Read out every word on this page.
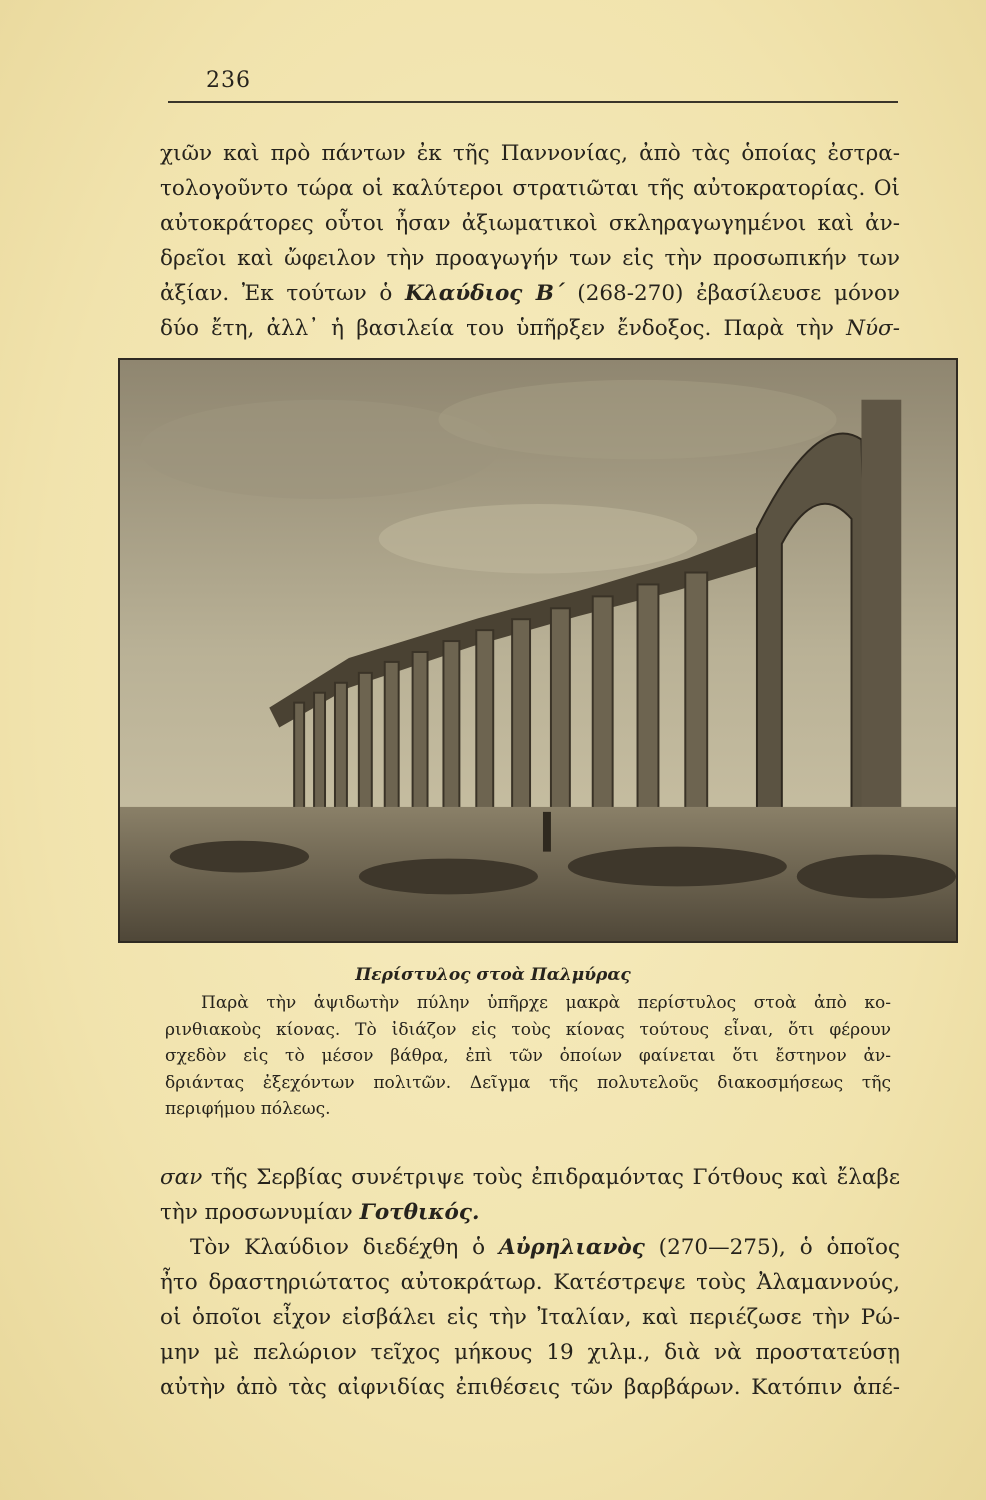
236
χιῶν καὶ πρὸ πάντων ἐκ τῆς Παννονίας, ἀπὸ τὰς ὁποίας ἐστρα-
τολογοῦντο τώρα οἱ καλύτεροι στρατιῶται τῆς αὐτοκρατορίας. Οἱ
αὐτοκράτορες οὗτοι ἦσαν ἀξιωματικοὶ σκληραγωγημένοι καὶ ἀν-
δρεῖοι καὶ ὤφειλον τὴν προαγωγήν των εἰς τὴν προσωπικήν των
ἀξίαν. Ἐκ τούτων ὁ Κλαύδιος Β΄ (268-270) ἐβασίλευσε μόνον
δύο ἔτη, ἀλλ᾿ ἡ βασιλεία του ὑπῆρξεν ἔνδοξος. Παρὰ τὴν Νύσ-
Περίστυλος στοὰ Παλμύρας
Παρὰ τὴν ἁψιδωτὴν πύλην ὑπῆρχε μακρὰ περίστυλος στοὰ ἀπὸ κο-
ρινθιακοὺς κίονας. Τὸ ἰδιάζον εἰς τοὺς κίονας τούτους εἶναι, ὅτι φέρουν
σχεδὸν εἰς τὸ μέσον βάθρα, ἐπὶ τῶν ὁποίων φαίνεται ὅτι ἔστηνον ἀν-
δριάντας ἐξεχόντων πολιτῶν. Δεῖγμα τῆς πολυτελοῦς διακοσμήσεως τῆς
περιφήμου πόλεως.
σαν τῆς Σερβίας συνέτριψε τοὺς ἐπιδραμόντας Γότθους καὶ ἔλαβε
τὴν προσωνυμίαν Γοτθικός.
Τὸν Κλαύδιον διεδέχθη ὁ Αὐρηλιανὸς (270—275), ὁ ὁποῖος
ἦτο δραστηριώτατος αὐτοκράτωρ. Κατέστρεψε τοὺς Ἀλαμαννούς,
οἱ ὁποῖοι εἶχον εἰσβάλει εἰς τὴν Ἰταλίαν, καὶ περιέζωσε τὴν Ρώ-
μην μὲ πελώριον τεῖχος μήκους 19 χιλμ., διὰ νὰ προστατεύσῃ
αὐτὴν ἀπὸ τὰς αἰφνιδίας ἐπιθέσεις τῶν βαρβάρων. Κατόπιν ἀπέ-
